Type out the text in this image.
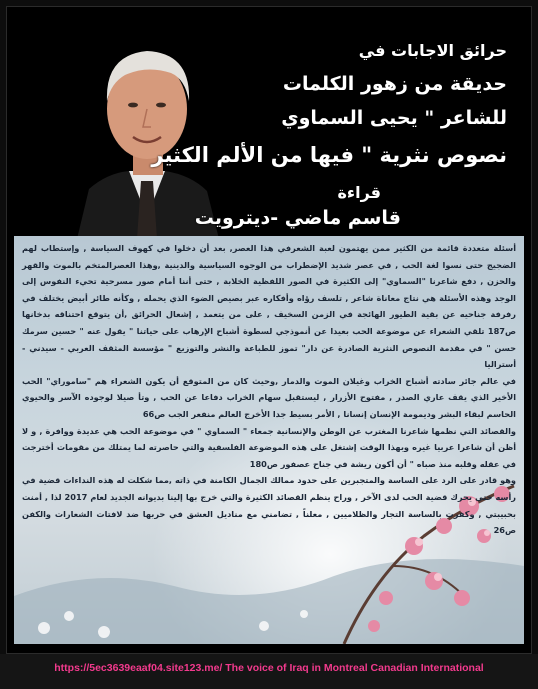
حرائق الاجابات في
حديقة من زهور الكلمات
للشاعر " يحيى السماوي
نصوص نثرية " فيها من الألم الكثير
قراءة
قاسم ماضي -ديترويت

أسئلة متعددة قائمة من الكثير ممن يهتمون لعبة الشعرفي هذا العصر, بعد أن دخلوا في كهوف السياسة , وإستطاب لهم الضجيج حتى نسوا لغة الحب , في عصر شديد الإضطراب من الوجوه السياسية والدينية ,وهذا العصرالمتخم بالموت والقهر والحزن , دفع شاعرنا "السماوي" إلى الكثيرة في الصور اللفظية الخلابة , حتى أننا أمام صور مسرحية تحيء النفوس إلى الوجد وهذه الأسئلة هي نتاج معاناة شاعر , تلسف رؤاه وأفكاره عبر بصيص الضوء الذي يحمله , وكأنه طائر أبيض يختلف في رفرفة جناحيه عن بقية الطيور الهائجة في الزمن السخيف , على من يتعمد , إشعال الحرائق ,أن يتوقع احتناقه بدخانها ص187 تلقي الشعراء عن موضوعة الحب بعيدا عن أنموذجي لسطوة أشباح الإرهاب على حياتنا " يقول عنه " حسين سرمك حسن " في مقدمة النصوص النثرية الصادرة عن دار" تموز للطباعة والنشر والتوزيع " مؤسسة المثقف العربي - سيدني - أستراليا

في عالم جائر سادته أشباح الخراب وغيلان الموت والدمار ,وحيث كان من المتوقع أن يكون الشعراء هم "ساموراي" الحب الأخير الذي يقف عاري الصدر , مفتوح الأزرار , ليستقبل سهام الخراب دفاعا عن الحب , وتأ صيلا لوجوده الآسر والحيوي الحاسم لبقاء البشر وديمومة الإنسان إنسانا , الأمر بسيط جدا الأخرج العالم منفعر الجب ص66

والقصائد التي نظمها شاعرنا المغترب عن الوطن والإنسانية جمعاء " السماوي " في موضوعة الحب هي عديدة ووافرة , و لا أظن أن شاعرا عربيا غيره وبهذا الوقت إشتغل على هذه الموضوعة الفلسفية والتي حاصرته لما يمتلك من مقومات أخترجت في عقله وقلبه منذ صباه " أن أكون ريشة في جناح عصفور ص180

وهو قادر على الرد على الساسة والمتجبرين على حدود ممالك الجمال الكامنة في ذاته ,مما شكلت له هذه النداءات قضية في رأسه حتى يحرك قضية الحب لدى الآخر , وراح ينظم القصائد الكثيرة والتي خرج بها إلينا بديوانه الجديد لعام 2017 لذا , أمنت بحبيبتي , وكفرت بالساسة التجار والظلاميين , معلناً , تضامني مع مناديل العشق في حربها ضد لافتات الشعارات والكفن ص26

https://5ec3639eaaf04.site123.me/ The voice of Iraq in Montreal Canadian International
